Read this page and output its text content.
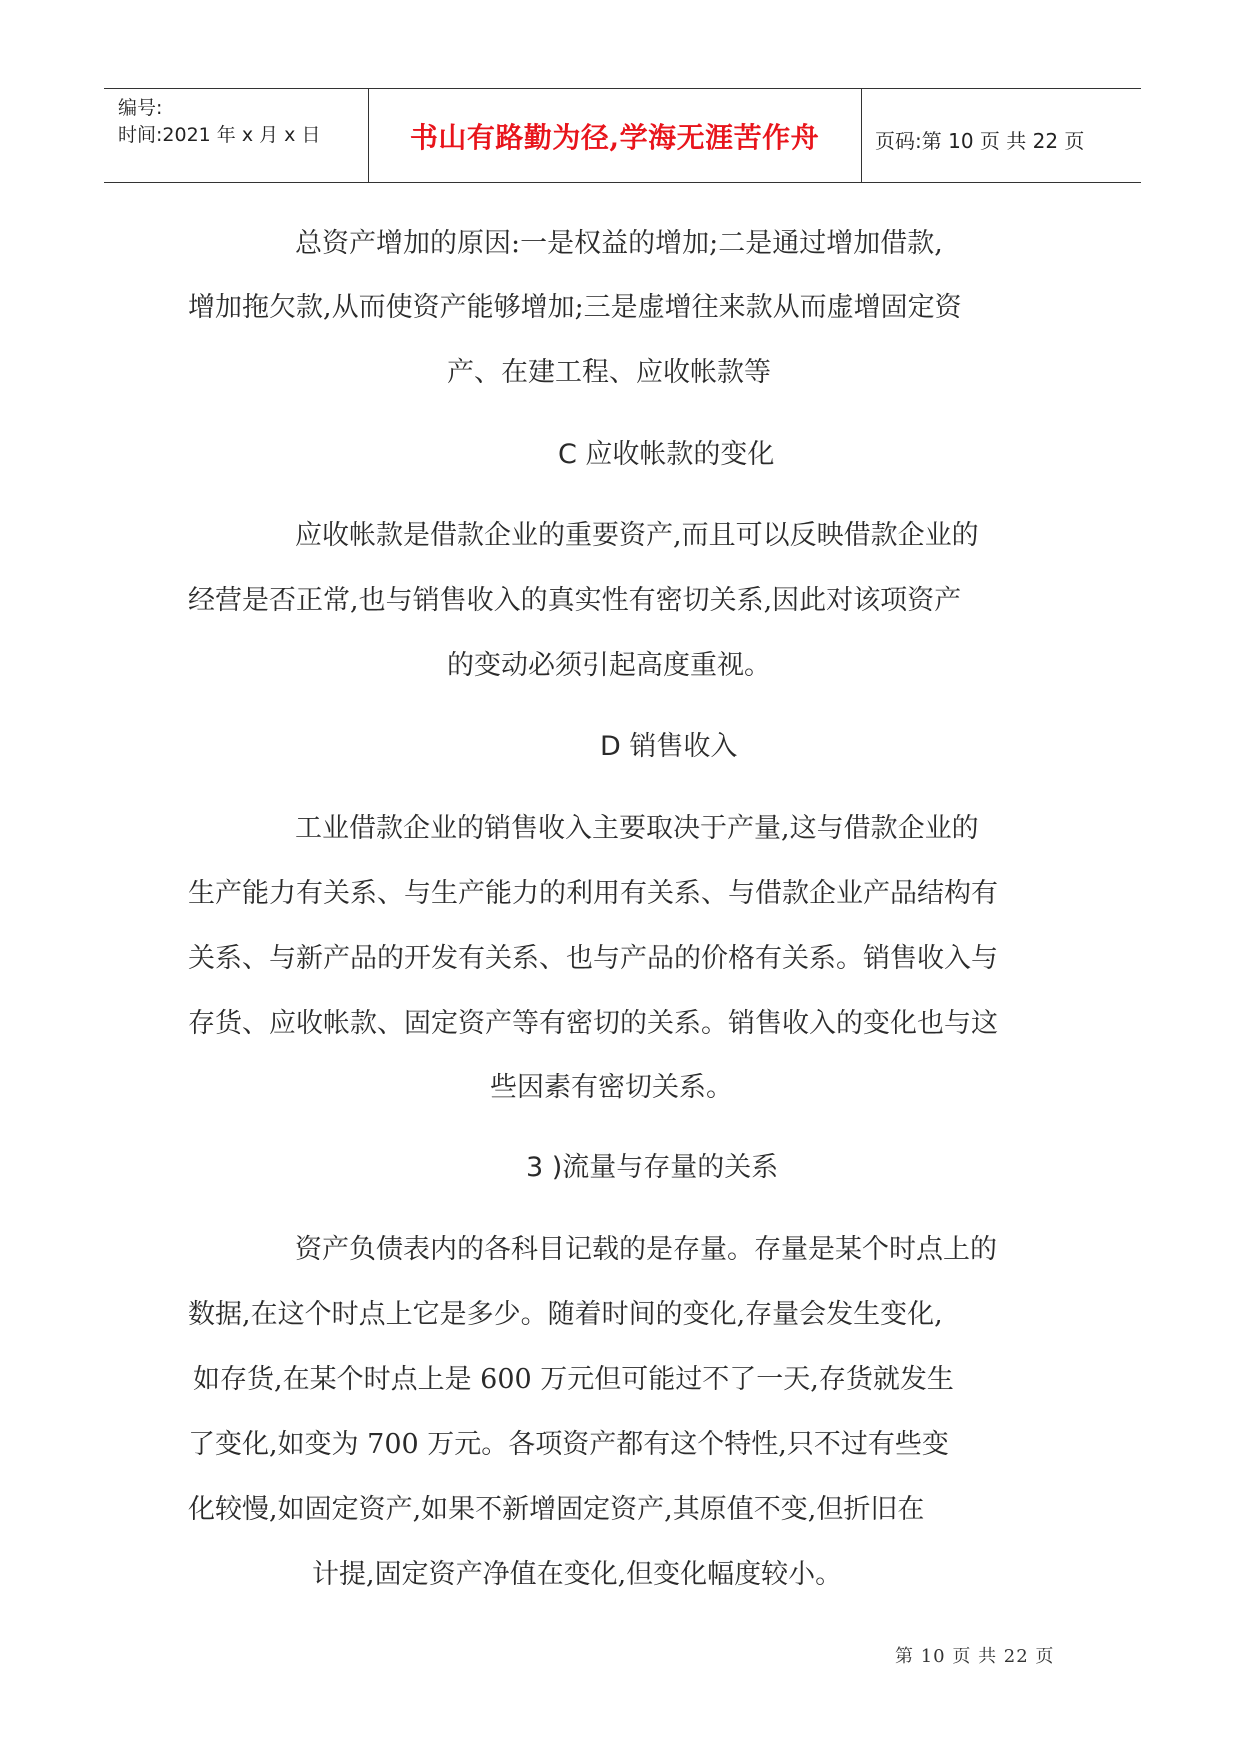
编号:
时间:2021 年 x 月 x 日	书山有路勤为径,学海无涯苦作舟	页码:第 10 页 共 22 页
总资产增加的原因:一是权益的增加;二是通过增加借款,
增加拖欠款,从而使资产能够增加;三是虚增往来款从而虚增固定资
产、在建工程、应收帐款等
C 应收帐款的变化
应收帐款是借款企业的重要资产,而且可以反映借款企业的
经营是否正常,也与销售收入的真实性有密切关系,因此对该项资产
的变动必须引起高度重视。
D 销售收入
工业借款企业的销售收入主要取决于产量,这与借款企业的
生产能力有关系、与生产能力的利用有关系、与借款企业产品结构有
关系、与新产品的开发有关系、也与产品的价格有关系。销售收入与
存货、应收帐款、固定资产等有密切的关系。销售收入的变化也与这
些因素有密切关系。
3 )流量与存量的关系
资产负债表内的各科目记载的是存量。存量是某个时点上的
数据,在这个时点上它是多少。随着时间的变化,存量会发生变化,
如存货,在某个时点上是 600 万元但可能过不了一天,存货就发生
了变化,如变为 700 万元。各项资产都有这个特性,只不过有些变
化较慢,如固定资产,如果不新增固定资产,其原值不变,但折旧在
计提,固定资产净值在变化,但变化幅度较小。
第 10 页 共 22 页
